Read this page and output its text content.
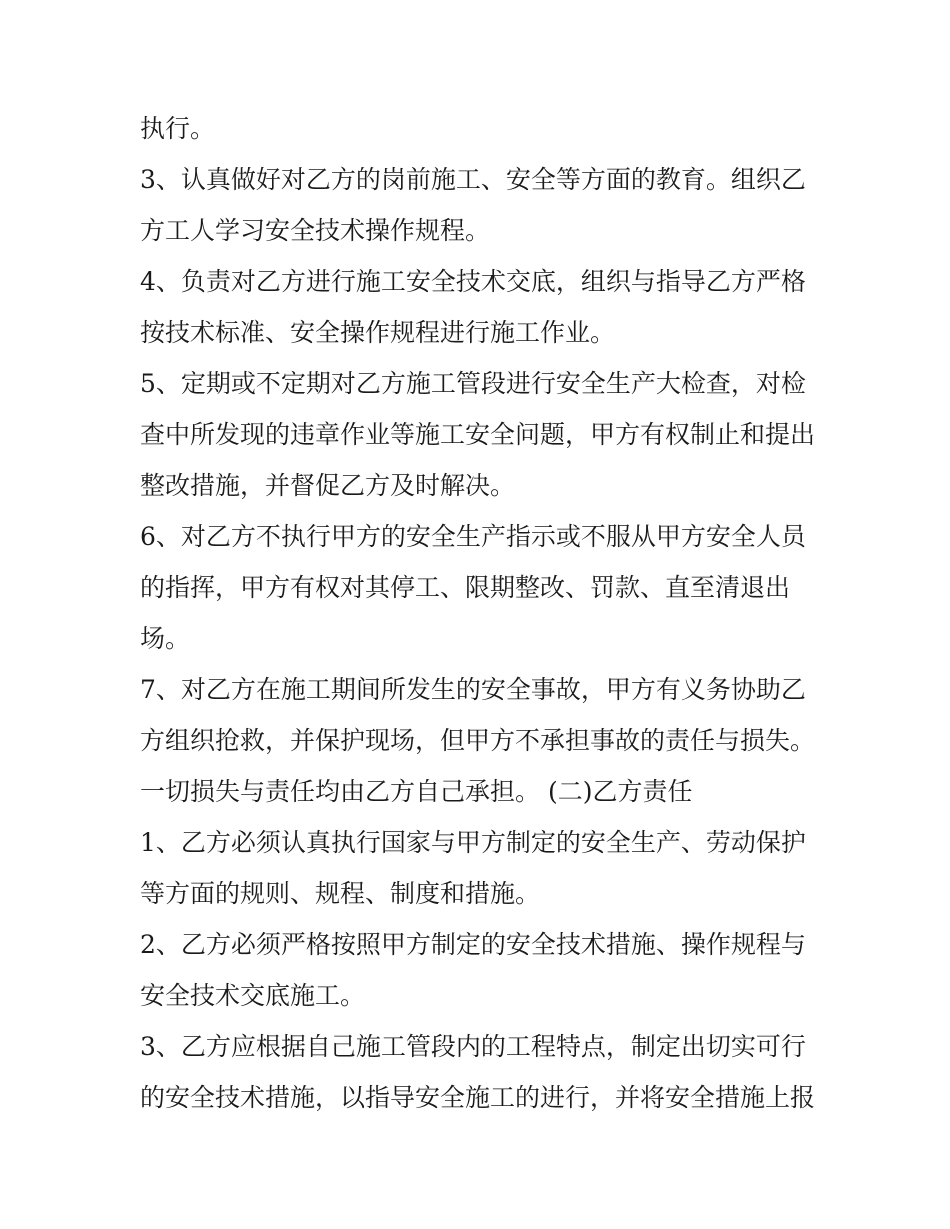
执行。
3、认真做好对乙方的岗前施工、安全等方面的教育。组织乙
方工人学习安全技术操作规程。
4、负责对乙方进行施工安全技术交底，组织与指导乙方严格
按技术标准、安全操作规程进行施工作业。
5、定期或不定期对乙方施工管段进行安全生产大检查，对检
查中所发现的违章作业等施工安全问题，甲方有权制止和提出
整改措施，并督促乙方及时解决。
6、对乙方不执行甲方的安全生产指示或不服从甲方安全人员
的指挥，甲方有权对其停工、限期整改、罚款、直至清退出
场。
7、对乙方在施工期间所发生的安全事故，甲方有义务协助乙
方组织抢救，并保护现场，但甲方不承担事故的责任与损失。
一切损失与责任均由乙方自己承担。 (二)乙方责任
1、乙方必须认真执行国家与甲方制定的安全生产、劳动保护
等方面的规则、规程、制度和措施。
2、乙方必须严格按照甲方制定的安全技术措施、操作规程与
安全技术交底施工。
3、乙方应根据自己施工管段内的工程特点，制定出切实可行
的安全技术措施，以指导安全施工的进行，并将安全措施上报
